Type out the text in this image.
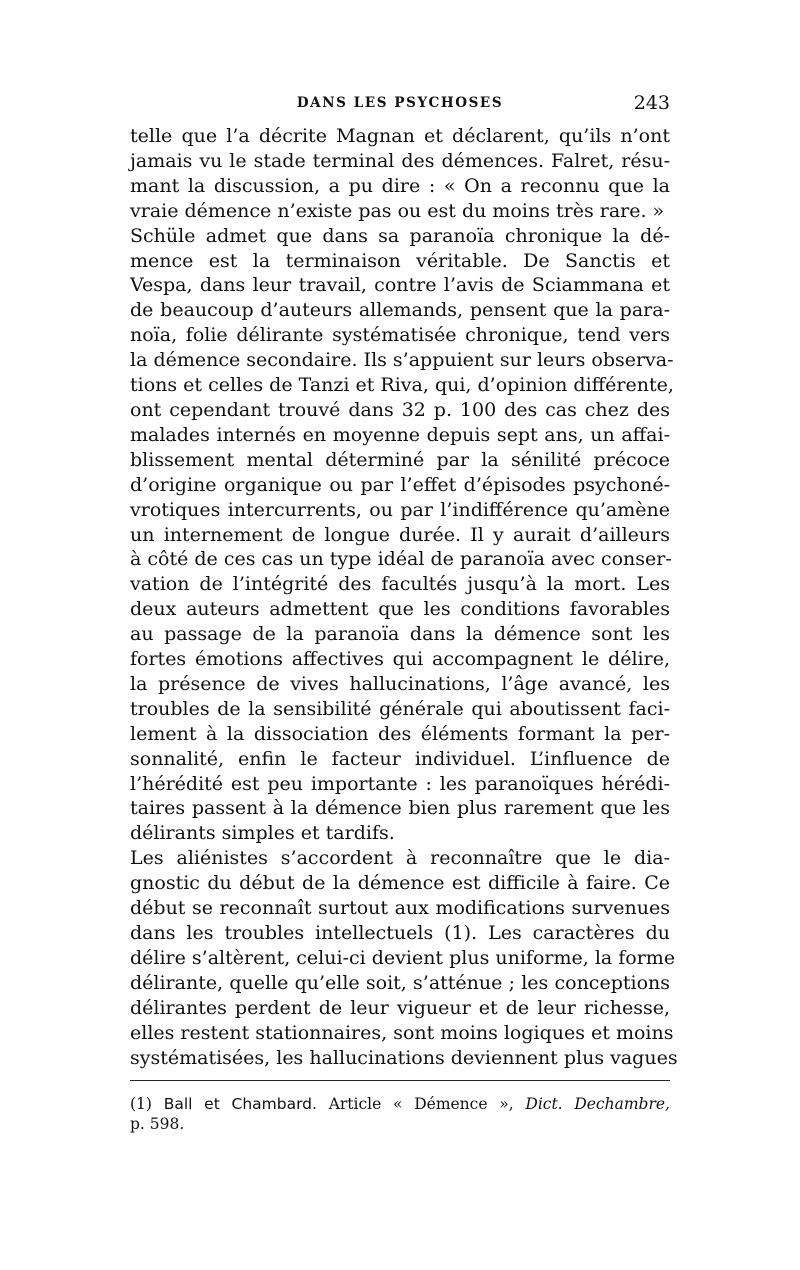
DANS LES PSYCHOSES	243
telle que l’a décrite Magnan et déclarent, qu’ils n’ont
jamais vu le stade terminal des démences. Falret, résu-
mant la discussion, a pu dire : « On a reconnu que la
vraie démence n’existe pas ou est du moins très rare. »
Schüle admet que dans sa paranoïa chronique la dé-
mence est la terminaison véritable. De Sanctis et
Vespa, dans leur travail, contre l’avis de Sciammana et
de beaucoup d’auteurs allemands, pensent que la para-
noïa, folie délirante systématisée chronique, tend vers
la démence secondaire. Ils s’appuient sur leurs observa-
tions et celles de Tanzi et Riva, qui, d’opinion différente,
ont cependant trouvé dans 32 p. 100 des cas chez des
malades internés en moyenne depuis sept ans, un affai-
blissement mental déterminé par la sénilité précoce
d’origine organique ou par l’effet d’épisodes psychoné-
vrotiques intercurrents, ou par l’indifférence qu’amène
un internement de longue durée. Il y aurait d’ailleurs
à côté de ces cas un type idéal de paranoïa avec conser-
vation de l’intégrité des facultés jusqu’à la mort. Les
deux auteurs admettent que les conditions favorables
au passage de la paranoïa dans la démence sont les
fortes émotions affectives qui accompagnent le délire,
la présence de vives hallucinations, l’âge avancé, les
troubles de la sensibilité générale qui aboutissent faci-
lement à la dissociation des éléments formant la per-
sonnalité, enfin le facteur individuel. L’influence de
l’hérédité est peu importante : les paranoïques hérédi-
taires passent à la démence bien plus rarement que les
délirants simples et tardifs.
Les aliénistes s’accordent à reconnaître que le dia-
gnostic du début de la démence est difficile à faire. Ce
début se reconnaît surtout aux modifications survenues
dans les troubles intellectuels (1). Les caractères du
délire s’altèrent, celui-ci devient plus uniforme, la forme
délirante, quelle qu’elle soit, s’atténue ; les conceptions
délirantes perdent de leur vigueur et de leur richesse,
elles restent stationnaires, sont moins logiques et moins
systématisées, les hallucinations deviennent plus vagues
(1) Ball et Chambard. Article « Démence », Dict. Dechambre,
p. 598.
